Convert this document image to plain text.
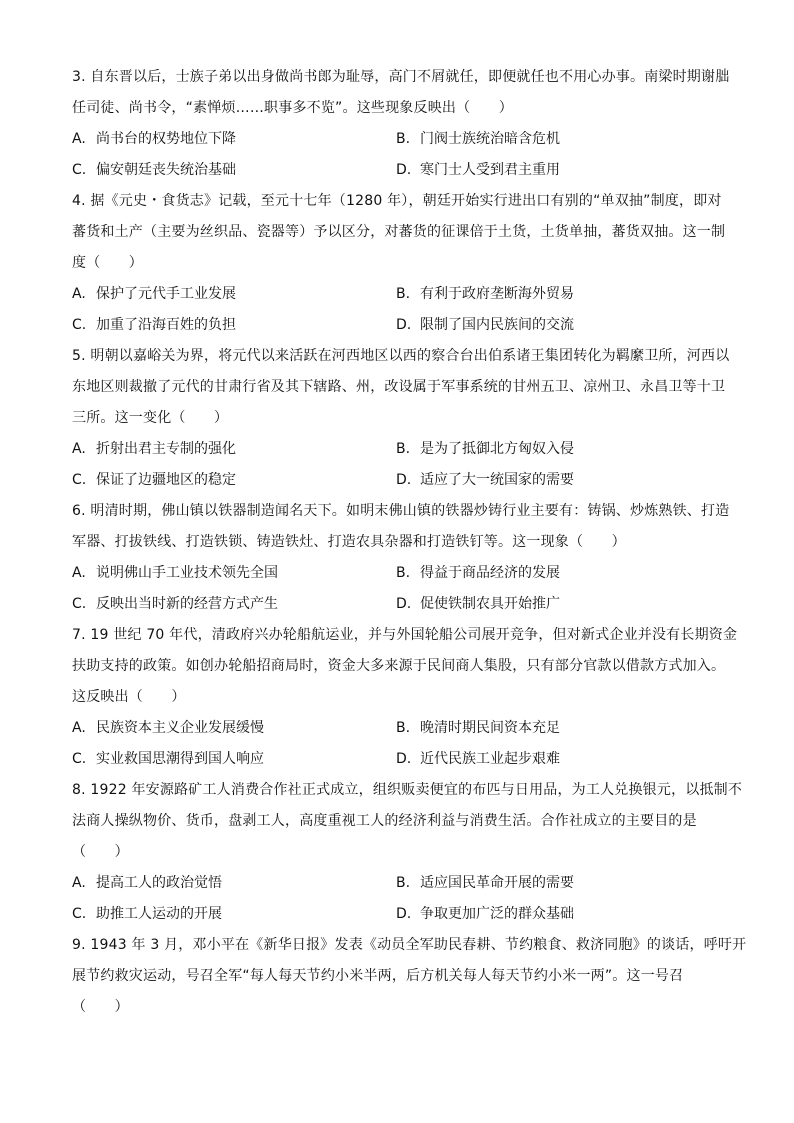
3. 自东晋以后，士族子弟以出身做尚书郎为耻辱，高门不屑就任，即便就任也不用心办事。南梁时期谢朏
任司徒、尚书令，“素惮烦……职事多不览”。这些现象反映出（　　）
A. 尚书台的权势地位下降	B. 门阀士族统治暗含危机
C. 偏安朝廷丧失统治基础	D. 寒门士人受到君主重用
4. 据《元史・食货志》记载，至元十七年（1280 年），朝廷开始实行进出口有别的“单双抽”制度，即对
蕃货和土产（主要为丝织品、瓷器等）予以区分，对蕃货的征课倍于土货，土货单抽，蕃货双抽。这一制
度（　　）
A. 保护了元代手工业发展	B. 有利于政府垄断海外贸易
C. 加重了沿海百姓的负担	D. 限制了国内民族间的交流
5. 明朝以嘉峪关为界，将元代以来活跃在河西地区以西的察合台出伯系诸王集团转化为羁縻卫所，河西以
东地区则裁撤了元代的甘肃行省及其下辖路、州，改设属于军事系统的甘州五卫、凉州卫、永昌卫等十卫
三所。这一变化（　　）
A. 折射出君主专制的强化	B. 是为了抵御北方匈奴入侵
C. 保证了边疆地区的稳定	D. 适应了大一统国家的需要
6. 明清时期，佛山镇以铁器制造闻名天下。如明末佛山镇的铁器炒铸行业主要有：铸锅、炒炼熟铁、打造
军器、打拔铁线、打造铁锁、铸造铁灶、打造农具杂器和打造铁钉等。这一现象（　　）
A. 说明佛山手工业技术领先全国	B. 得益于商品经济的发展
C. 反映出当时新的经营方式产生	D. 促使铁制农具开始推广
7. 19 世纪 70 年代，清政府兴办轮船航运业，并与外国轮船公司展开竞争，但对新式企业并没有长期资金
扶助支持的政策。如创办轮船招商局时，资金大多来源于民间商人集股，只有部分官款以借款方式加入。
这反映出（　　）
A. 民族资本主义企业发展缓慢	B. 晚清时期民间资本充足
C. 实业救国思潮得到国人响应	D. 近代民族工业起步艰难
8. 1922 年安源路矿工人消费合作社正式成立，组织贩卖便宜的布匹与日用品，为工人兑换银元，以抵制不
法商人操纵物价、货币，盘剥工人，高度重视工人的经济利益与消费生活。合作社成立的主要目的是
（　　）
A. 提高工人的政治觉悟	B. 适应国民革命开展的需要
C. 助推工人运动的开展	D. 争取更加广泛的群众基础
9. 1943 年 3 月，邓小平在《新华日报》发表《动员全军助民春耕、节约粮食、救济同胞》的谈话，呼吁开
展节约救灾运动，号召全军“每人每天节约小米半两，后方机关每人每天节约小米一两”。这一号召
（　　）
